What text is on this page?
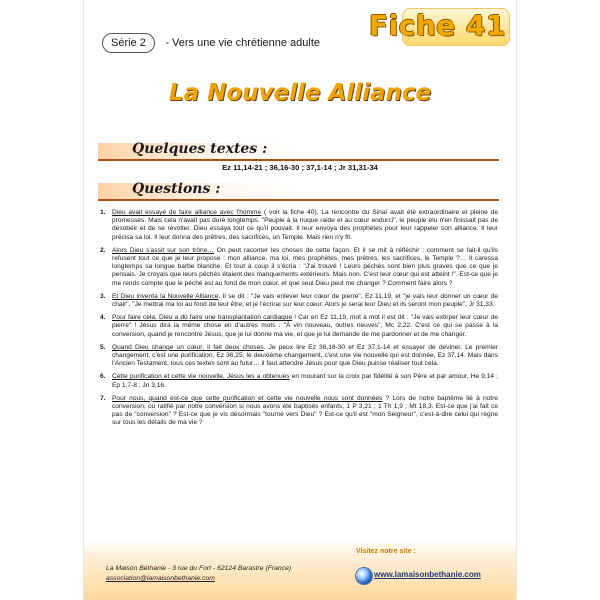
Fiche 41
Série 2 - Vers une vie chrétienne adulte
La Nouvelle Alliance
Quelques textes :
Ez 11,14-21 ; 36,16-30 ; 37,1-14 ; Jr 31,31-34
Questions :
1. Dieu avait essayé de faire alliance avec l'homme ( voir la fiche 40). La rencontre du Sinaï avait été extraordinaire et pleine de promesses. Mais cela n'avait pas duré longtemps. "Peuple à la nuque raide et au cœur endurci", le peuple élu n'en finissait pas de désobéir et de se révolter. Dieu essaya tout ce qu'il pouvait. Il leur envoya des prophètes pour leur rappeler son alliance. Il leur précisa sa loi. Il leur donna des prêtres, des sacrifices, un Temple. Mais rien n'y fit.
2. Alors Dieu s'assit sur son trône… On peut raconter les choses de cette façon. Et il se mit à réfléchir : comment se fait-il qu'ils refusent tout ce que je leur propose : mon alliance, ma loi, mes prophètes, mes prêtres, les sacrifices, le Temple ?… Il caressa longtemps sa longue barbe blanche. Et tout à coup il s'écria : "J'ai trouvé ! Leurs péchés sont bien plus graves que ce que je pensais. Je croyais que leurs péchés étaient des manquements extérieurs. Mais non. C'est leur cœur qui est atteint !". Est-ce que je me rends compte que le péché est au fond de mon cœur, et que seul Dieu peut me changer ? Comment faire alors ?
3. Et Dieu inventa la Nouvelle Alliance. Il se dit : "Je vais enlever leur cœur de pierre", Ez 11,19, et "je vais leur donner un cœur de chair", "Je mettrai ma loi au fond de leur être, et je l'écrirai sur leur cœur. Alors je serai leur Dieu et ils seront mon peuple", Jr 31,33.
4. Pour faire cela, Dieu a dû faire une transplantation cardiaque ! Car en Ez 11,19, mot à mot il est dit : "Je vais extirper leur cœur de pierre" ! Jésus dira la même chose en d'autres mots : "À vin nouveau, outres neuves", Mc 2,22. C'est ce qui se passe à la conversion, quand je rencontre Jésus, que je lui donne ma vie, et que je lui demande de me pardonner et de me changer.
5. Quand Dieu change un cœur, il fait deux choses. Je peux lire Ez 36,16-30 et Ez 37,1-14 et essayer de deviner. Le premier changement, c'est une purification, Ez 36,25, le deuxième changement, c'est une vie nouvelle qui est donnée, Ez 37,14. Mais dans l'Ancien Testament, tous ces textes sont au futur… il faut attendre Jésus pour que Dieu puisse réaliser tout cela.
6. Cette purification et cette vie nouvelle, Jésus les a obtenues en mourant sur la croix par fidélité à son Père et par amour, He 9,14 ; Ep 1,7-8 ; Jn 3,16.
7. Pour nous, quand est-ce que cette purification et cette vie nouvelle nous sont données ? Lors de notre baptême lié à notre conversion, ou ratifié par notre conversion si nous avons été baptisés enfants, 1 P 3,21 ; 1 Th 1,9 ; Mt 18,3. Est-ce que j'ai fait ce pas de "conversion" ? Est-ce que je vis désormais "tourné vers Dieu" ? Est-ce qu'il est "mon Seigneur", c'est-à-dire celui qui règne sur tous les détails de ma vie ?
La Maison Béthanie - 3 rue du Fort - 62124 Barastre (France)
association@lamaisonbethanie.com
Visitez notre site :
www.lamaisonbethanie.com
